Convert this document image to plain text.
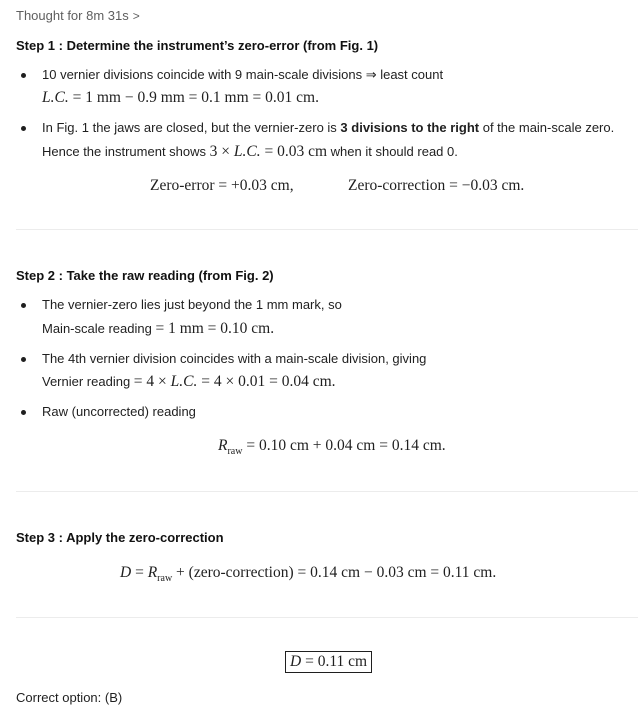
Thought for 8m 31s >
Step 1 : Determine the instrument’s zero-error (from Fig. 1)
10 vernier divisions coincide with 9 main-scale divisions ⇒ least count
L.C. = 1 mm − 0.9 mm = 0.1 mm = 0.01 cm.
In Fig. 1 the jaws are closed, but the vernier-zero is 3 divisions to the right of the main-scale zero.
Hence the instrument shows 3 × L.C. = 0.03 cm when it should read 0.
Zero-error = +0.03 cm,	Zero-correction = −0.03 cm.
Step 2 : Take the raw reading (from Fig. 2)
The vernier-zero lies just beyond the 1 mm mark, so
Main-scale reading = 1 mm = 0.10 cm.
The 4th vernier division coincides with a main-scale division, giving
Vernier reading = 4 × L.C. = 4 × 0.01 = 0.04 cm.
Raw (uncorrected) reading
$R_{raw} = 0.10$ cm + 0.04 cm = 0.14 cm.
Step 3 : Apply the zero-correction
$D = R_{raw}$ + (zero-correction) = 0.14 cm − 0.03 cm = 0.11 cm.
D = 0.11 cm
Correct option: (B)
